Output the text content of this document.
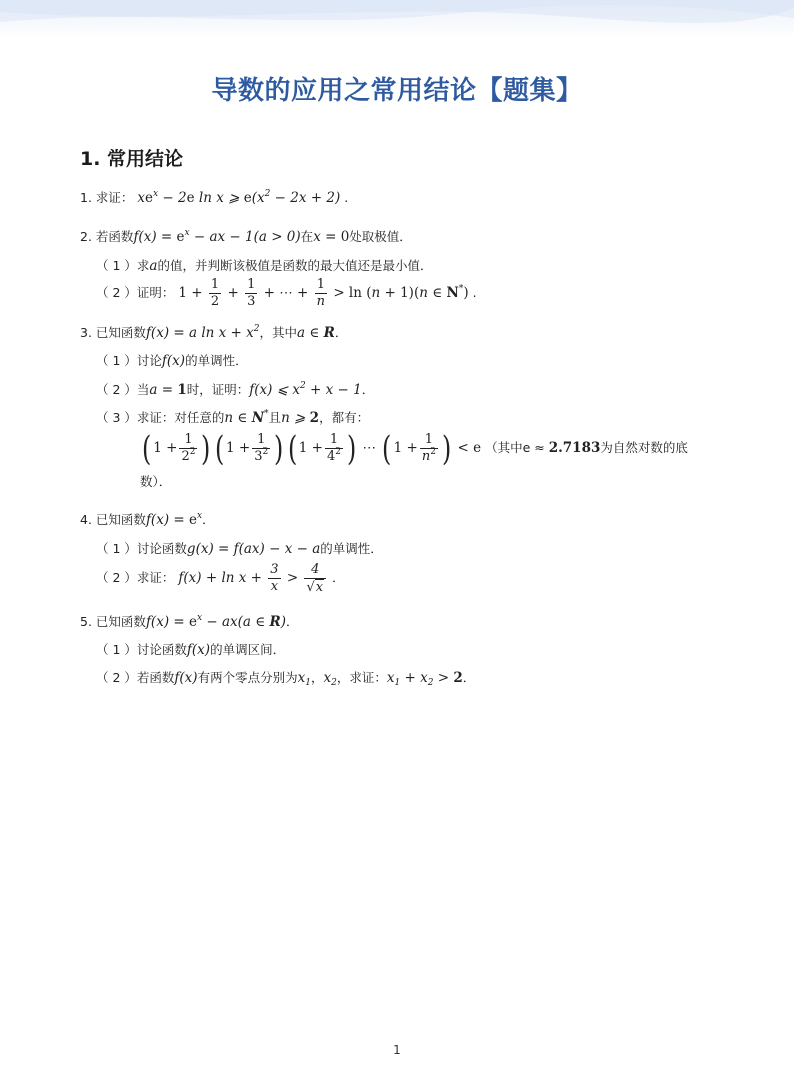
导数的应用之常用结论【题集】
1. 常用结论
1. 求证： $xe^x - 2e$ ln x ⩾ $e(x^2 - 2x + 2)$ .
2. 若函数$f(x) = e^x$ − ax − 1(a > 0)在x = 0处取极值．
（ 1 ）求a的值，并判断该极值是函数的最大值还是最小值．
（ 2 ）证明： $1 + \frac{1}{2} + \frac{1}{3}$ + ⋯ + $\frac{1}{n} > \ln (n + 1)(n$ ∈ N*) .
3. 已知函数f(x) = a $\ln x + x^2$，其中a ∈ R．
（ 1 ）讨论f(x)的单调性．
（ 2 ）当a = 1时，证明：f(x) ⩽ $x^2 + x - 1$．
（ 3 ）求证：对任意的n ∈ N*且n ⩾ 2，都有：
( $1 + \frac{1}{2^2}$ ) ( $1 + \frac{1}{3^2}$ ) ( $1 + \frac{1}{4^2}$ ) ⋯ ( $1 + \frac{1}{n^2}$ ) < e （其中e ≈ 2.7183为自然对数的底
数）．
4. 已知函数$f(x) = e^x$．
（ 1 ）讨论函数g(x) = f(ax) − x − a的单调性．
（ 2 ）求证： $f(x) + \ln x + \frac{3}{x} > \frac{4}{√x}$ ．
5. 已知函数$f(x) = e^x - ax(a$ ∈ R)．
（ 1 ）讨论函数f(x)的单调区间．
（ 2 ）若函数f(x)有两个零点分别为$x_1$，$x_2$，求证：$x_1 + x_2 > 2$．
1
